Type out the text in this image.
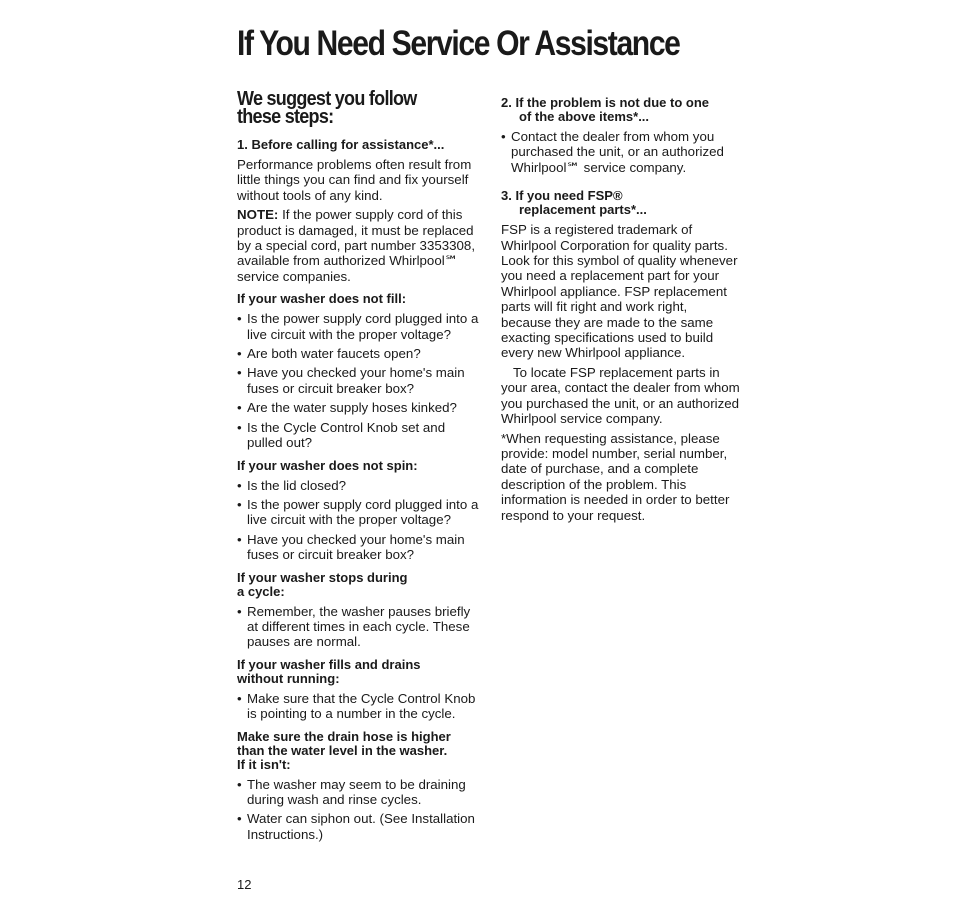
If You Need Service Or Assistance
We suggest you follow
these steps:
1. Before calling for assistance*...

Performance problems often result from little things you can find and fix yourself without tools of any kind.

NOTE: If the power supply cord of this product is damaged, it must be replaced by a special cord, part number 3353308, available from authorized Whirlpool℠ service companies.

If your washer does not fill:
• Is the power supply cord plugged into a live circuit with the proper voltage?
• Are both water faucets open?
• Have you checked your home's main fuses or circuit breaker box?
• Are the water supply hoses kinked?
• Is the Cycle Control Knob set and pulled out?
If your washer does not spin:
• Is the lid closed?
• Is the power supply cord plugged into a live circuit with the proper voltage?
• Have you checked your home's main fuses or circuit breaker box?
If your washer stops during
a cycle:
• Remember, the washer pauses briefly at different times in each cycle. These pauses are normal.
If your washer fills and drains
without running:
• Make sure that the Cycle Control Knob is pointing to a number in the cycle.
Make sure the drain hose is higher
than the water level in the washer.
If it isn't:
• The washer may seem to be draining during wash and rinse cycles.
• Water can siphon out. (See Installation Instructions.)
2. If the problem is not due to one
of the above items*...
• Contact the dealer from whom you purchased the unit, or an authorized Whirlpool℠ service company.
3. If you need FSP®
replacement parts*...

FSP is a registered trademark of Whirlpool Corporation for quality parts. Look for this symbol of quality whenever you need a replacement part for your Whirlpool appliance. FSP replacement parts will fit right and work right, because they are made to the same exacting specifications used to build every new Whirlpool appliance.

To locate FSP replacement parts in your area, contact the dealer from whom you purchased the unit, or an authorized Whirlpool service company.

*When requesting assistance, please provide: model number, serial number, date of purchase, and a complete description of the problem. This information is needed in order to better respond to your request.

12
